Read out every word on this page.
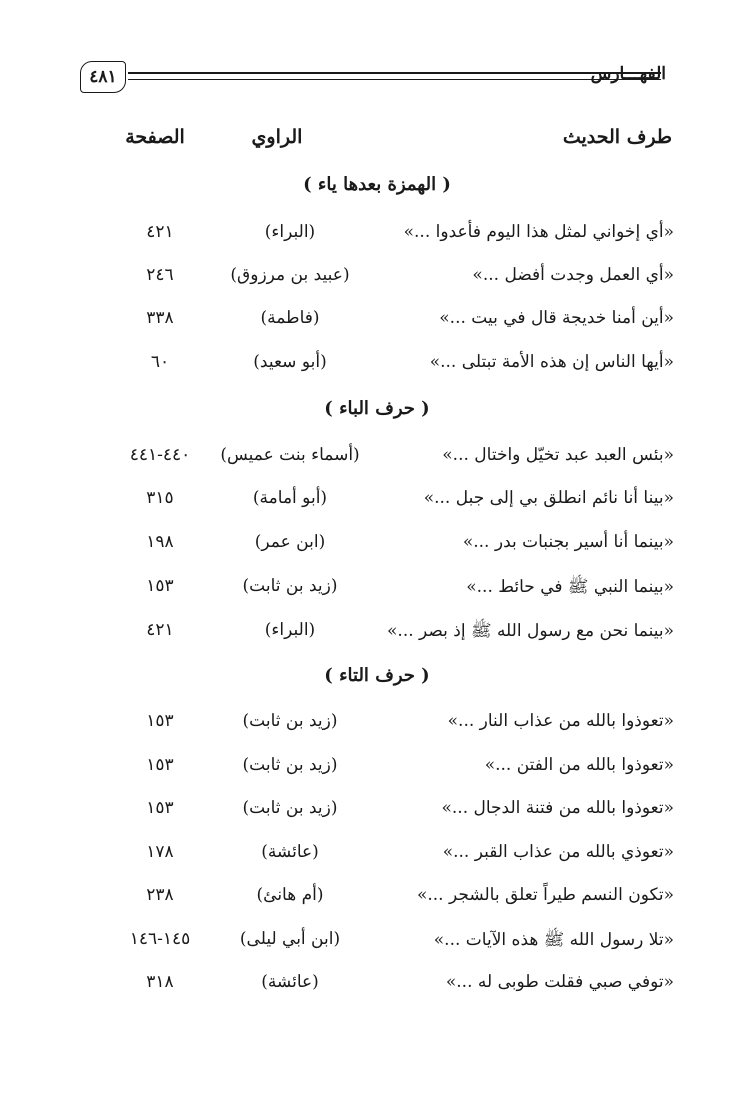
الفهـــارس
٤٨١
طرف الحديث
الراوي
الصفحة
( الهمزة بعدها ياء )
«أي إخواني لمثل هذا اليوم فأعدوا ...»
(البراء)
٤٢١
«أي العمل وجدت أفضل ...»
(عبيد بن مرزوق)
٢٤٦
«أين أمنا خديجة قال في بيت ...»
(فاطمة)
٣٣٨
«أيها الناس إن هذه الأمة تبتلى ...»
(أبو سعيد)
٦٠
( حرف الباء )
«بئس العبد عبد تخيّل واختال ...»
(أسماء بنت عميس)
٤٤٠-٤٤١
«بينا أنا نائم انطلق بي إلى جبل ...»
(أبو أمامة)
٣١٥
«بينما أنا أسير بجنبات بدر ...»
(ابن عمر)
١٩٨
«بينما النبي ﷺ في حائط ...»
(زيد بن ثابت)
١٥٣
«بينما نحن مع رسول الله ﷺ إذ بصر ...»
(البراء)
٤٢١
( حرف التاء )
«تعوذوا بالله من عذاب النار ...»
(زيد بن ثابت)
١٥٣
«تعوذوا بالله من الفتن ...»
(زيد بن ثابت)
١٥٣
«تعوذوا بالله من فتنة الدجال ...»
(زيد بن ثابت)
١٥٣
«تعوذي بالله من عذاب القبر ...»
(عائشة)
١٧٨
«تكون النسم طيراً تعلق بالشجر ...»
(أم هانئ)
٢٣٨
«تلا رسول الله ﷺ هذه الآيات ...»
(ابن أبي ليلى)
١٤٥-١٤٦
«توفي صبي فقلت طوبى له ...»
(عائشة)
٣١٨
